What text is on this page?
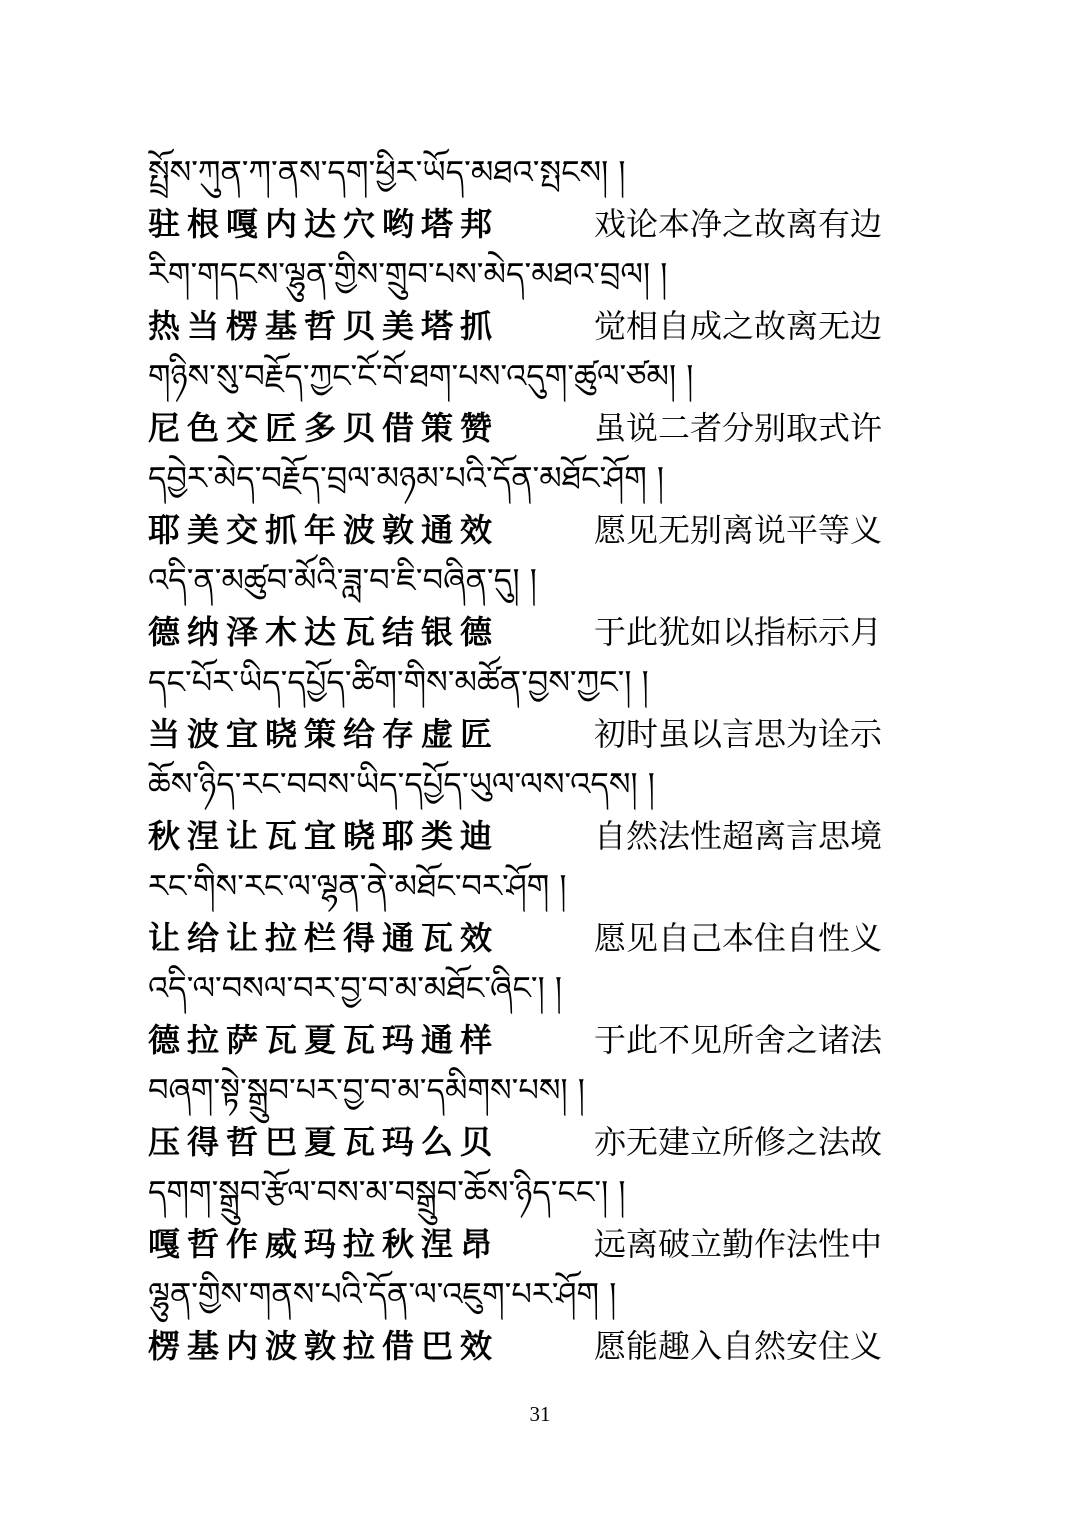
སྤྲོས་ཀུན་ཀ་ནས་དག་ཕྱིར་ཡོད་མཐའ་སྤངས། །
驻根嘎内达穴哟塔邦	戏论本净之故离有边
རིག་གདངས་ལྷུན་གྱིས་གྲུབ་པས་མེད་མཐའ་བྲལ། །
热当楞基哲贝美塔抓	觉相自成之故离无边
གཉིས་སུ་བརྗོད་ཀྱང་ངོ་བོ་ཐག་པས་འདུག་ཚུལ་ཙམ། །
尼色交匠多贝借策赞	虽说二者分别取式许
དབྱེར་མེད་བརྗོད་བྲལ་མཉམ་པའི་དོན་མཐོང་ཤོག །
耶美交抓年波敦通效	愿见无别离说平等义
འདི་ན་མཚུབ་མོའི་ཟླ་བ་ཇི་བཞིན་དུ། །
德纳泽木达瓦结银德	于此犹如以指标示月
དང་པོར་ཡིད་དཔྱོད་ཚིག་གིས་མཚོན་བྱས་ཀྱང་། །
当波宜晓策给存虚匠	初时虽以言思为诠示
ཆོས་ཉིད་རང་བབས་ཡིད་དཔྱོད་ཡུལ་ལས་འདས། །
秋涅让瓦宜晓耶类迪	自然法性超离言思境
རང་གིས་རང་ལ་ལྷན་ནེ་མཐོང་བར་ཤོག །
让给让拉栏得通瓦效	愿见自己本住自性义
འདི་ལ་བསལ་བར་བྱ་བ་མ་མཐོང་ཞིང་། །
德拉萨瓦夏瓦玛通样	于此不见所舍之诸法
བཞག་སྟེ་སྒྲུབ་པར་བྱ་བ་མ་དམིགས་པས། །
压得哲巴夏瓦玛么贝	亦无建立所修之法故
དགག་སྒྲུབ་རྩོལ་བས་མ་བསྒྲུབ་ཆོས་ཉིད་ངང་། །
嘎哲作威玛拉秋涅昂	远离破立勤作法性中
ལྷུན་གྱིས་གནས་པའི་དོན་ལ་འཇུག་པར་ཤོག །
楞基内波敦拉借巴效	愿能趣入自然安住义
31
